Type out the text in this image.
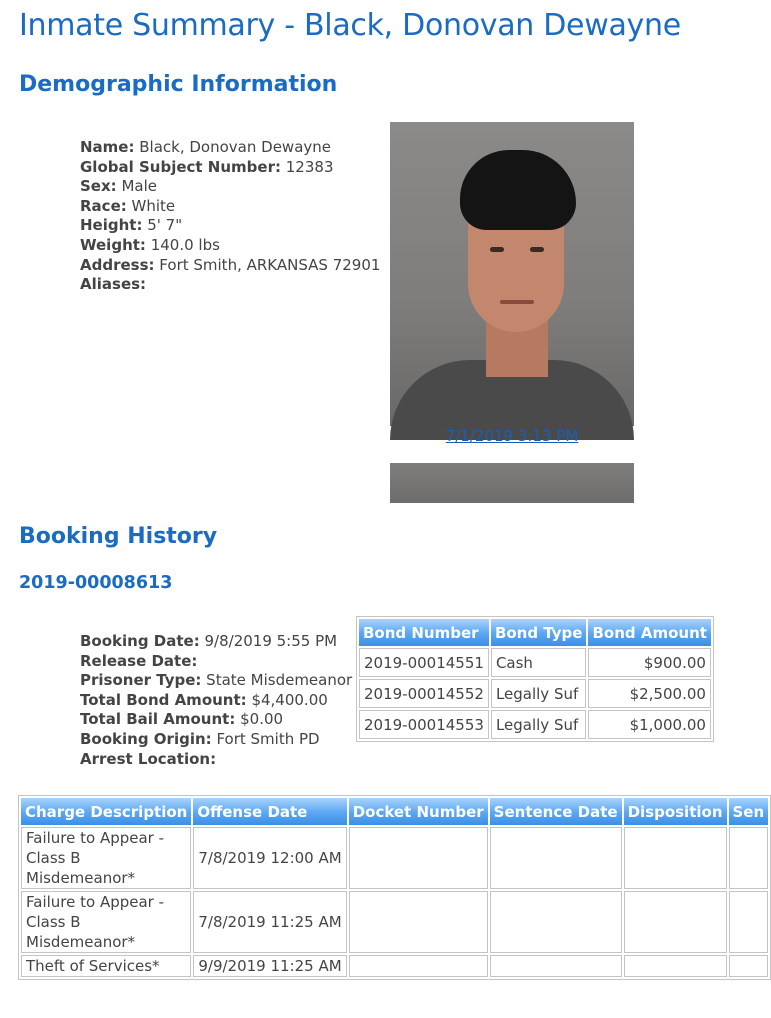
Inmate Summary - Black, Donovan Dewayne
Demographic Information
Name: Black, Donovan Dewayne
Global Subject Number: 12383
Sex: Male
Race: White
Height: 5' 7"
Weight: 140.0 lbs
Address: Fort Smith, ARKANSAS 72901
Aliases:
7/1/2019 3:13 PM
Booking History
2019-00008613
Booking Date: 9/8/2019 5:55 PM
Release Date:
Prisoner Type: State Misdemeanor
Total Bond Amount: $4,400.00
Total Bail Amount: $0.00
Booking Origin: Fort Smith PD
Arrest Location:
Bond Number	Bond Type	Bond Amount
2019-00014551	Cash	$900.00
2019-00014552	Legally Suf	$2,500.00
2019-00014553	Legally Suf	$1,000.00
Charge Description	Offense Date	Docket Number	Sentence Date	Disposition	Sen
Failure to Appear - Class B Misdemeanor*	7/8/2019 12:00 AM				
Failure to Appear - Class B Misdemeanor*	7/8/2019 11:25 AM				
Theft of Services*	9/9/2019 11:25 AM				
